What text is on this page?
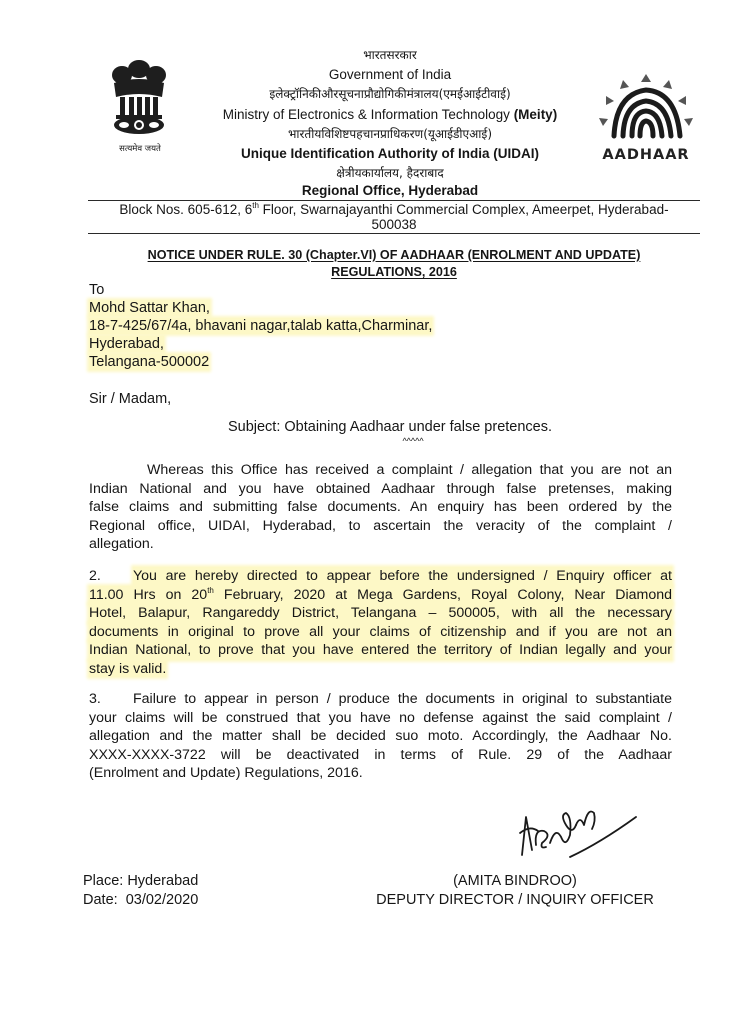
सत्यमेव जयते
भारतसरकार
Government of India
इलेक्ट्रॉनिकीऔरसूचनाप्रौद्योगिकीमंत्रालय(एमईआईटीवाई)
Ministry of Electronics & Information Technology (Meity)
भारतीयविशिष्टपहचानप्राधिकरण(यूआईडीएआई)
Unique Identification Authority of India (UIDAI)
क्षेत्रीयकार्यालय, हैदराबाद
Regional Office, Hyderabad
AADHAAR
Block Nos. 605-612, 6th Floor, Swarnajayanthi Commercial Complex, Ameerpet, Hyderabad-
500038
NOTICE UNDER RULE. 30 (Chapter.VI) OF AADHAAR (ENROLMENT AND UPDATE)
REGULATIONS, 2016
To
Mohd Sattar Khan,
18-7-425/67/4a, bhavani nagar,talab katta,Charminar,
Hyderabad,
Telangana-500002
Sir / Madam,
Subject: Obtaining Aadhaar under false pretences.
^^^^^
Whereas this Office has received a complaint / allegation that you are not an
Indian National and you have obtained Aadhaar through false pretenses, making
false claims and submitting false documents. An enquiry has been ordered by the
Regional office, UIDAI, Hyderabad, to ascertain the veracity of the complaint /
allegation.
2.	You are hereby directed to appear before the undersigned / Enquiry officer at
11.00 Hrs on 20th February, 2020 at Mega Gardens, Royal Colony, Near Diamond
Hotel, Balapur, Rangareddy District, Telangana – 500005, with all the necessary
documents in original to prove all your claims of citizenship and if you are not an
Indian National, to prove that you have entered the territory of Indian legally and your
stay is valid.
3.	Failure to appear in person / produce the documents in original to substantiate
your claims will be construed that you have no defense against the said complaint /
allegation and the matter shall be decided suo moto. Accordingly, the Aadhaar No.
XXXX-XXXX-3722 will be deactivated in terms of Rule. 29 of the Aadhaar
(Enrolment and Update) Regulations, 2016.
Place: Hyderabad
Date:  03/02/2020
(AMITA BINDROO)
DEPUTY DIRECTOR / INQUIRY OFFICER
